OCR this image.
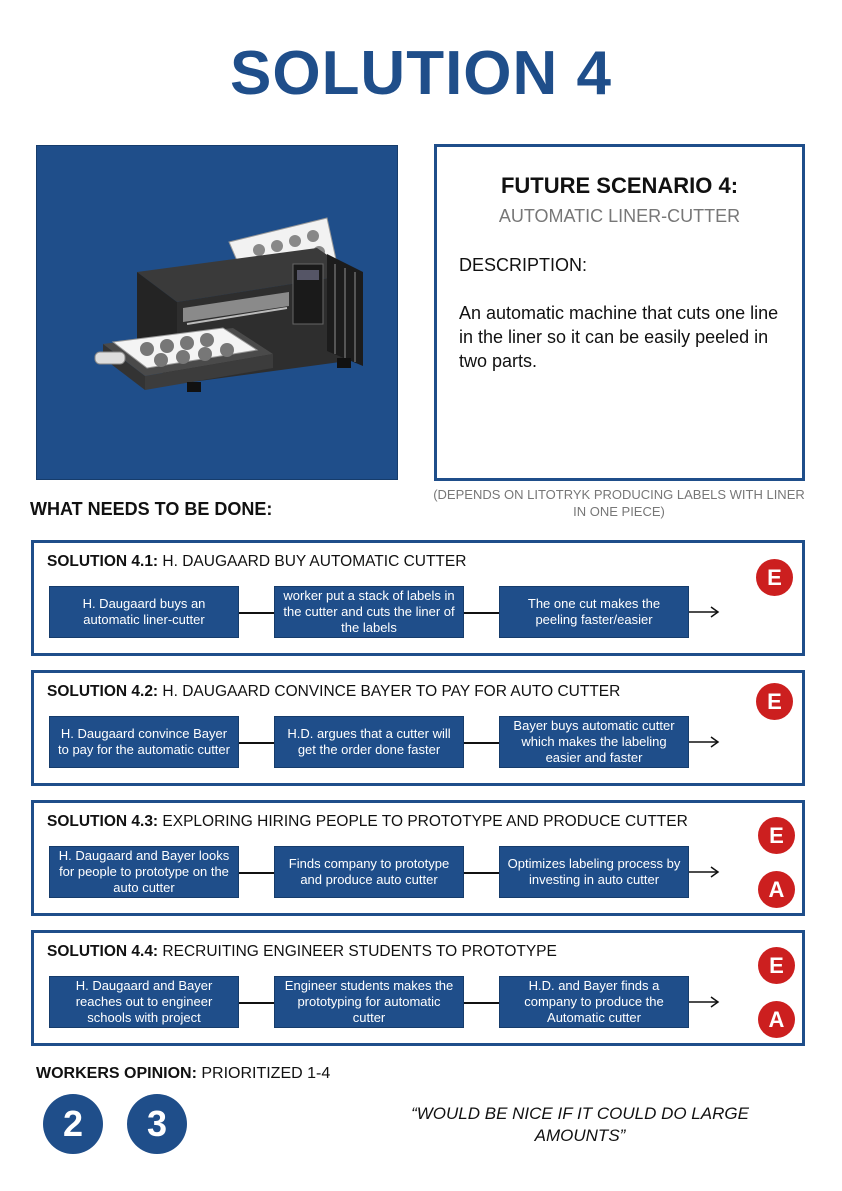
SOLUTION 4
FUTURE SCENARIO 4:
AUTOMATIC LINER-CUTTER
DESCRIPTION:
An automatic machine that cuts one line in the liner so it can be easily peeled in two parts.
(DEPENDS ON LITOTRYK PRODUCING LABELS WITH LINER IN ONE PIECE)
WHAT NEEDS TO BE DONE:
SOLUTION 4.1: H. DAUGAARD BUY AUTOMATIC CUTTER
H. Daugaard buys an automatic liner-cutter
worker put a stack of labels in the cutter and cuts the liner of the labels
The one cut makes the peeling faster/easier
E
SOLUTION 4.2: H. DAUGAARD CONVINCE BAYER TO PAY FOR AUTO CUTTER
H. Daugaard convince Bayer to pay for the automatic cutter
H.D. argues that a cutter will get the order done faster
Bayer buys automatic cutter which makes the labeling easier and faster
E
SOLUTION 4.3: EXPLORING HIRING PEOPLE TO PROTOTYPE AND PRODUCE CUTTER
H. Daugaard and Bayer looks for people to prototype on the auto cutter
Finds company to prototype and produce auto cutter
Optimizes labeling process by investing in auto cutter
E
A
SOLUTION 4.4: RECRUITING ENGINEER STUDENTS TO PROTOTYPE
H. Daugaard and Bayer reaches out to engineer schools with project
Engineer students makes the prototyping for automatic cutter
H.D. and Bayer finds a company to produce the Automatic cutter
E
A
WORKERS OPINION: PRIORITIZED 1-4
2	3	“WOULD BE NICE IF IT COULD DO LARGE AMOUNTS”
